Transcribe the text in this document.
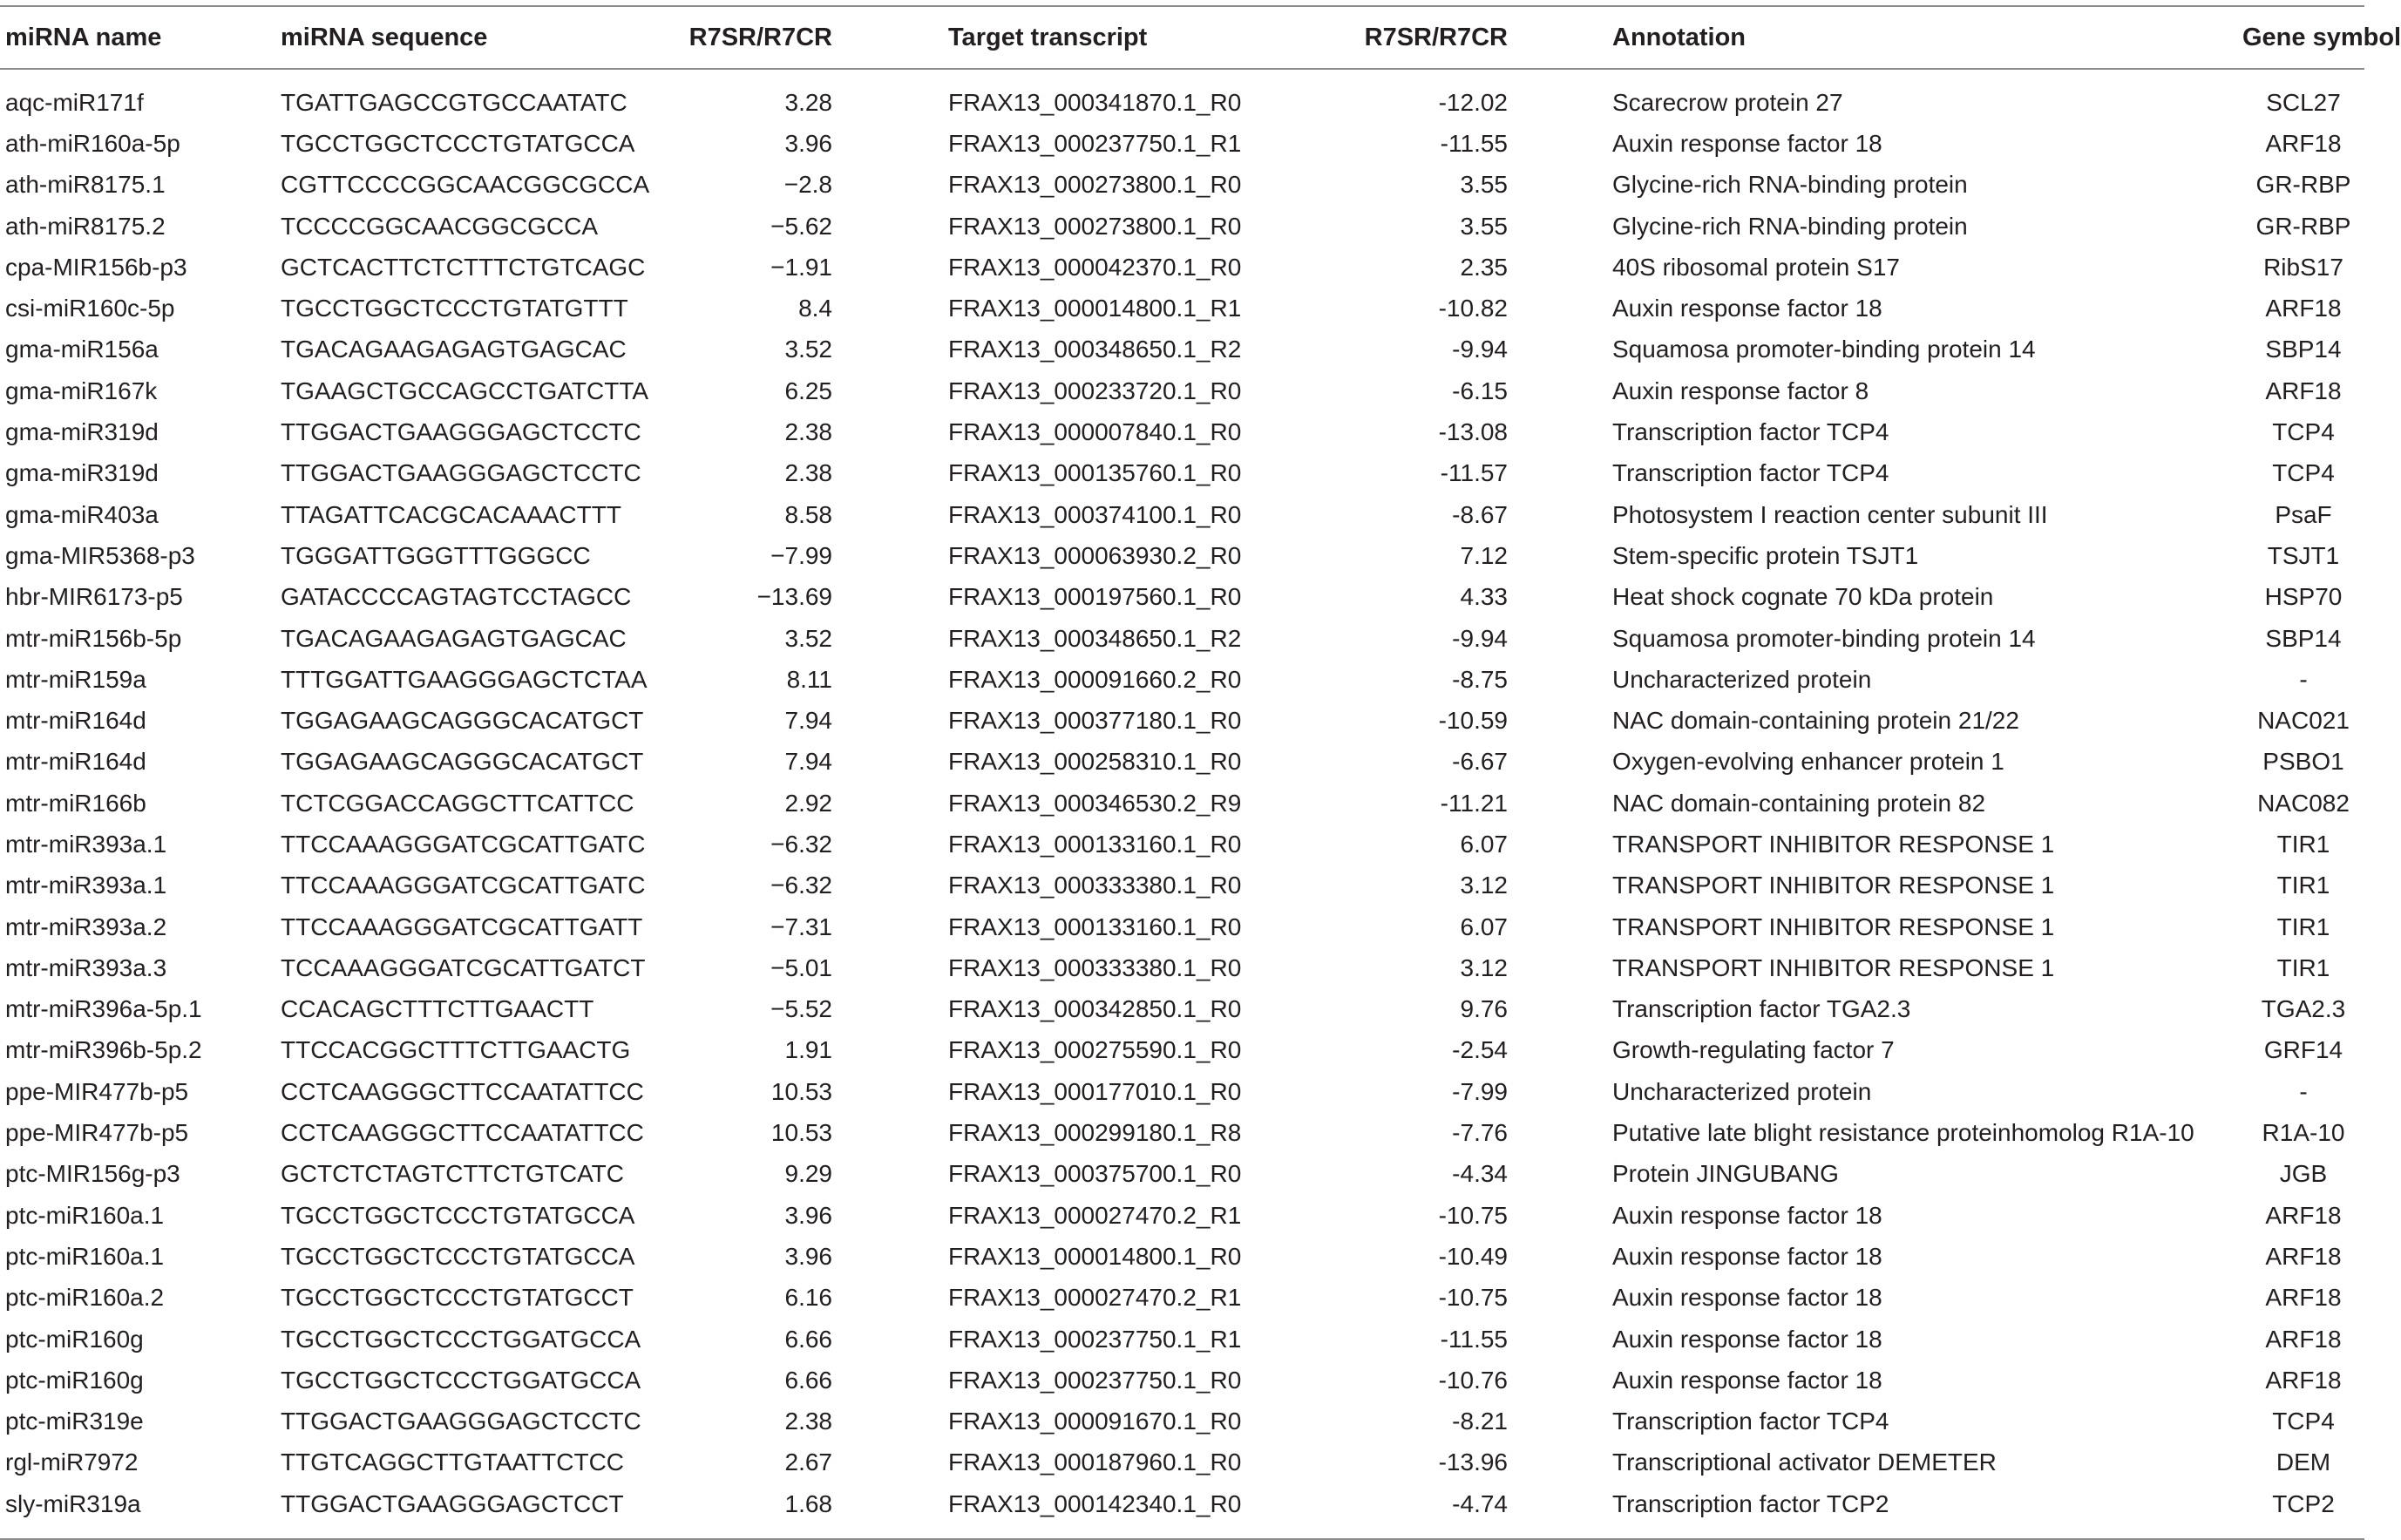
miRNA name	miRNA sequence	R7SR/R7CR		Target transcript	R7SR/R7CR		Annotation	Gene symbol
aqc-miR171f	TGATTGAGCCGTGCCAATATC	3.28		FRAX13_000341870.1_R0	-12.02		Scarecrow protein 27	SCL27
ath-miR160a-5p	TGCCTGGCTCCCTGTATGCCA	3.96		FRAX13_000237750.1_R1	-11.55		Auxin response factor 18	ARF18
ath-miR8175.1	CGTTCCCCGGCAACGGCGCCA	−2.8		FRAX13_000273800.1_R0	3.55		Glycine-rich RNA-binding protein	GR-RBP
ath-miR8175.2	TCCCCGGCAACGGCGCCA	−5.62		FRAX13_000273800.1_R0	3.55		Glycine-rich RNA-binding protein	GR-RBP
cpa-MIR156b-p3	GCTCACTTCTCTTTCTGTCAGC	−1.91		FRAX13_000042370.1_R0	2.35		40S ribosomal protein S17	RibS17
csi-miR160c-5p	TGCCTGGCTCCCTGTATGTTT	8.4		FRAX13_000014800.1_R1	-10.82		Auxin response factor 18	ARF18
gma-miR156a	TGACAGAAGAGAGTGAGCAC	3.52		FRAX13_000348650.1_R2	-9.94		Squamosa promoter-binding protein 14	SBP14
gma-miR167k	TGAAGCTGCCAGCCTGATCTTA	6.25		FRAX13_000233720.1_R0	-6.15		Auxin response factor 8	ARF18
gma-miR319d	TTGGACTGAAGGGAGCTCCTC	2.38		FRAX13_000007840.1_R0	-13.08		Transcription factor TCP4	TCP4
gma-miR319d	TTGGACTGAAGGGAGCTCCTC	2.38		FRAX13_000135760.1_R0	-11.57		Transcription factor TCP4	TCP4
gma-miR403a	TTAGATTCACGCACAAACTTT	8.58		FRAX13_000374100.1_R0	-8.67		Photosystem I reaction center subunit III	PsaF
gma-MIR5368-p3	TGGGATTGGGTTTGGGCC	−7.99		FRAX13_000063930.2_R0	7.12		Stem-specific protein TSJT1	TSJT1
hbr-MIR6173-p5	GATACCCCAGTAGTCCTAGCC	−13.69		FRAX13_000197560.1_R0	4.33		Heat shock cognate 70 kDa protein	HSP70
mtr-miR156b-5p	TGACAGAAGAGAGTGAGCAC	3.52		FRAX13_000348650.1_R2	-9.94		Squamosa promoter-binding protein 14	SBP14
mtr-miR159a	TTTGGATTGAAGGGAGCTCTAA	8.11		FRAX13_000091660.2_R0	-8.75		Uncharacterized protein	-
mtr-miR164d	TGGAGAAGCAGGGCACATGCT	7.94		FRAX13_000377180.1_R0	-10.59		NAC domain-containing protein 21/22	NAC021
mtr-miR164d	TGGAGAAGCAGGGCACATGCT	7.94		FRAX13_000258310.1_R0	-6.67		Oxygen-evolving enhancer protein 1	PSBO1
mtr-miR166b	TCTCGGACCAGGCTTCATTCC	2.92		FRAX13_000346530.2_R9	-11.21		NAC domain-containing protein 82	NAC082
mtr-miR393a.1	TTCCAAAGGGATCGCATTGATC	−6.32		FRAX13_000133160.1_R0	6.07		TRANSPORT INHIBITOR RESPONSE 1	TIR1
mtr-miR393a.1	TTCCAAAGGGATCGCATTGATC	−6.32		FRAX13_000333380.1_R0	3.12		TRANSPORT INHIBITOR RESPONSE 1	TIR1
mtr-miR393a.2	TTCCAAAGGGATCGCATTGATT	−7.31		FRAX13_000133160.1_R0	6.07		TRANSPORT INHIBITOR RESPONSE 1	TIR1
mtr-miR393a.3	TCCAAAGGGATCGCATTGATCT	−5.01		FRAX13_000333380.1_R0	3.12		TRANSPORT INHIBITOR RESPONSE 1	TIR1
mtr-miR396a-5p.1	CCACAGCTTTCTTGAACTT	−5.52		FRAX13_000342850.1_R0	9.76		Transcription factor TGA2.3	TGA2.3
mtr-miR396b-5p.2	TTCCACGGCTTTCTTGAACTG	1.91		FRAX13_000275590.1_R0	-2.54		Growth-regulating factor 7	GRF14
ppe-MIR477b-p5	CCTCAAGGGCTTCCAATATTCC	10.53		FRAX13_000177010.1_R0	-7.99		Uncharacterized protein	-
ppe-MIR477b-p5	CCTCAAGGGCTTCCAATATTCC	10.53		FRAX13_000299180.1_R8	-7.76		Putative late blight resistance proteinhomolog R1A-10	R1A-10
ptc-MIR156g-p3	GCTCTCTAGTCTTCTGTCATC	9.29		FRAX13_000375700.1_R0	-4.34		Protein JINGUBANG	JGB
ptc-miR160a.1	TGCCTGGCTCCCTGTATGCCA	3.96		FRAX13_000027470.2_R1	-10.75		Auxin response factor 18	ARF18
ptc-miR160a.1	TGCCTGGCTCCCTGTATGCCA	3.96		FRAX13_000014800.1_R0	-10.49		Auxin response factor 18	ARF18
ptc-miR160a.2	TGCCTGGCTCCCTGTATGCCT	6.16		FRAX13_000027470.2_R1	-10.75		Auxin response factor 18	ARF18
ptc-miR160g	TGCCTGGCTCCCTGGATGCCA	6.66		FRAX13_000237750.1_R1	-11.55		Auxin response factor 18	ARF18
ptc-miR160g	TGCCTGGCTCCCTGGATGCCA	6.66		FRAX13_000237750.1_R0	-10.76		Auxin response factor 18	ARF18
ptc-miR319e	TTGGACTGAAGGGAGCTCCTC	2.38		FRAX13_000091670.1_R0	-8.21		Transcription factor TCP4	TCP4
rgl-miR7972	TTGTCAGGCTTGTAATTCTCC	2.67		FRAX13_000187960.1_R0	-13.96		Transcriptional activator DEMETER	DEM
sly-miR319a	TTGGACTGAAGGGAGCTCCT	1.68		FRAX13_000142340.1_R0	-4.74		Transcription factor TCP2	TCP2
